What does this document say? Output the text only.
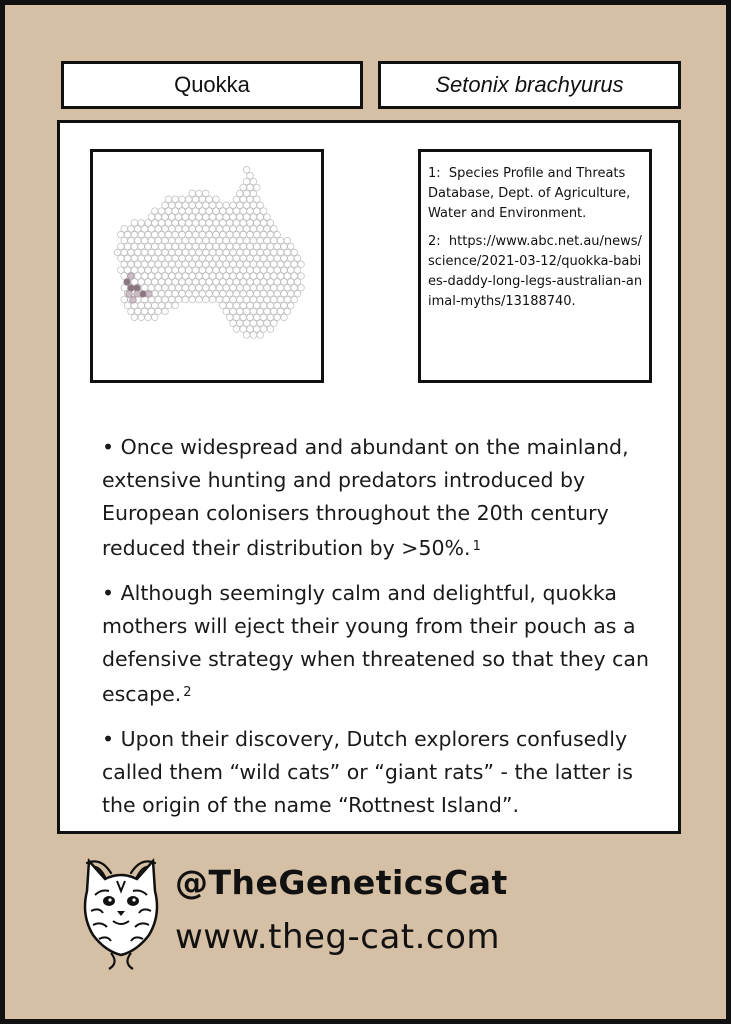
Quokka	Setonix brachyurus

1: Species Profile and Threats Database, Dept. of Agriculture, Water and Environment.

2: https://www.abc.net.au/news/science/2021-03-12/quokka-babies-daddy-long-legs-australian-animal-myths/13188740.

• Once widespread and abundant on the mainland, extensive hunting and predators introduced by European colonisers throughout the 20th century reduced their distribution by >50%. $^1$

• Although seemingly calm and delightful, quokka mothers will eject their young from their pouch as a defensive strategy when threatened so that they can escape. $^2$

• Upon their discovery, Dutch explorers confusedly called them “wild cats” or “giant rats” - the latter is the origin of the name “Rottnest Island”.

@TheGeneticsCat
www.theg-cat.com
